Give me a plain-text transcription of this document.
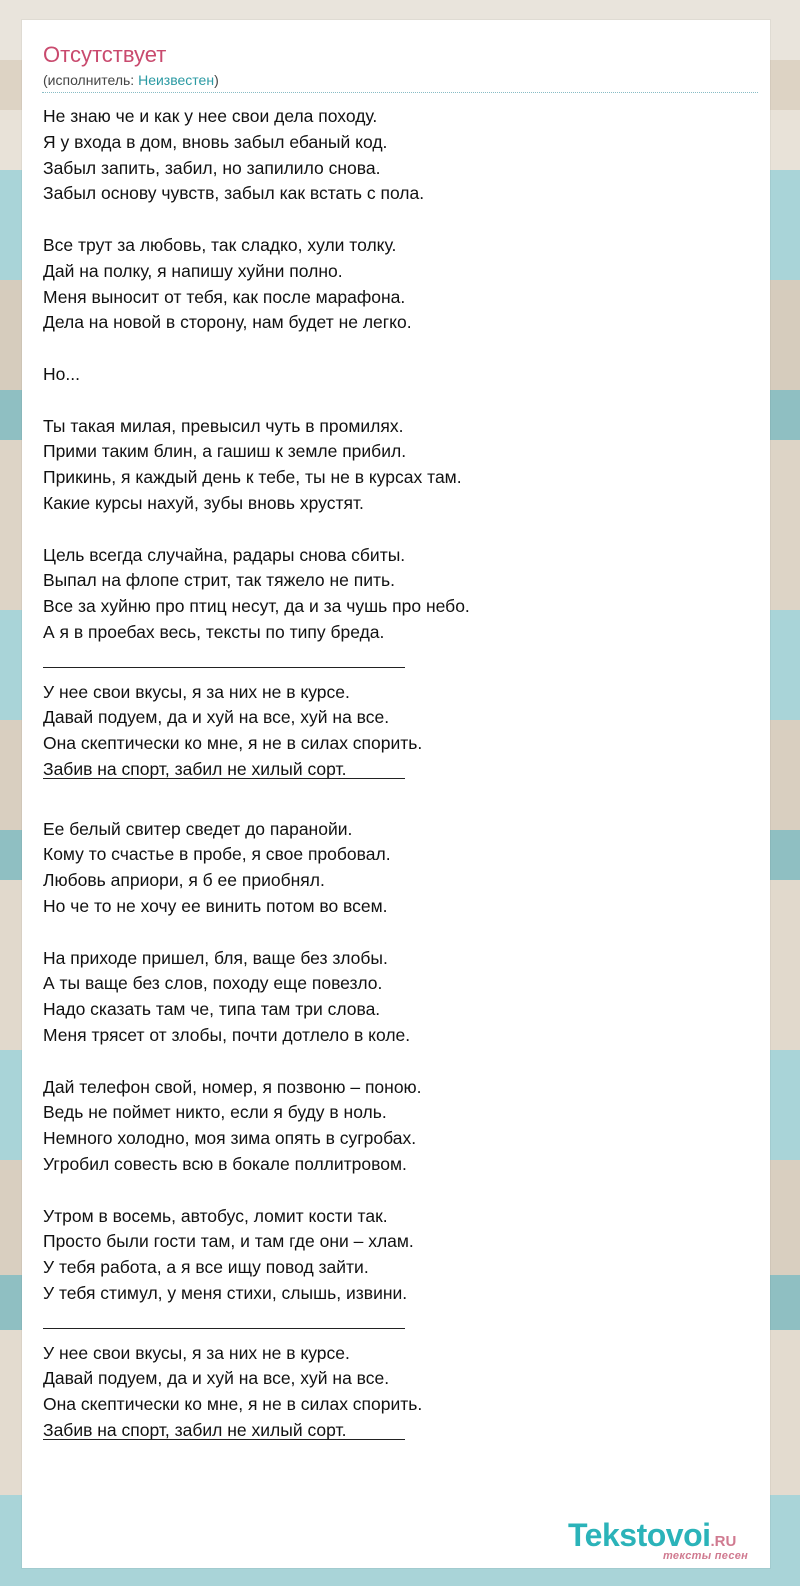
Отсутствует
(исполнитель: Неизвестен)
Не знаю че и как у нее свои дела походу.
Я у входа в дом, вновь забыл ебаный код.
Забыл запить, забил, но запилило снова.
Забыл основу чувств, забыл как встать с пола.
Все трут за любовь, так сладко, хули толку.
Дай на полку, я напишу хуйни полно.
Меня выносит от тебя, как после марафона.
Дела на новой в сторону, нам будет не легко.
Но...
Ты такая милая, превысил чуть в промилях.
Прими таким блин, а гашиш к земле прибил.
Прикинь, я каждый день к тебе, ты не в курсах там.
Какие курсы нахуй, зубы вновь хрустят.
Цель всегда случайна, радары снова сбиты.
Выпал на флопе стрит, так тяжело не пить.
Все за хуйню про птиц несут, да и за чушь про небо.
А я в проебах весь, тексты по типу бреда.
У нее свои вкусы, я за них не в курсе.
Давай подуем, да и хуй на все, хуй на все.
Она скептически ко мне, я не в силах спорить.
Забив на спорт, забил не хилый сорт.
Ее белый свитер сведет до паранойи.
Кому то счастье в пробе, я свое пробовал.
Любовь априори, я б ее приобнял.
Но че то не хочу ее винить потом во всем.
На приходе пришел, бля, ваще без злобы.
А ты ваще без слов, походу еще повезло.
Надо сказать там че, типа там три слова.
Меня трясет от злобы, почти дотлело в коле.
Дай телефон свой, номер, я позвоню – поною.
Ведь не поймет никто, если я буду в ноль.
Немного холодно, моя зима опять в сугробах.
Угробил совесть всю в бокале поллитровом.
Утром в восемь, автобус, ломит кости так.
Просто были гости там, и там где они – хлам.
У тебя работа, а я все ищу повод зайти.
У тебя стимул, у меня стихи, слышь, извини.
У нее свои вкусы, я за них не в курсе.
Давай подуем, да и хуй на все, хуй на все.
Она скептически ко мне, я не в силах спорить.
Забив на спорт, забил не хилый сорт.
Tekstovoi.RU
тексты песен
